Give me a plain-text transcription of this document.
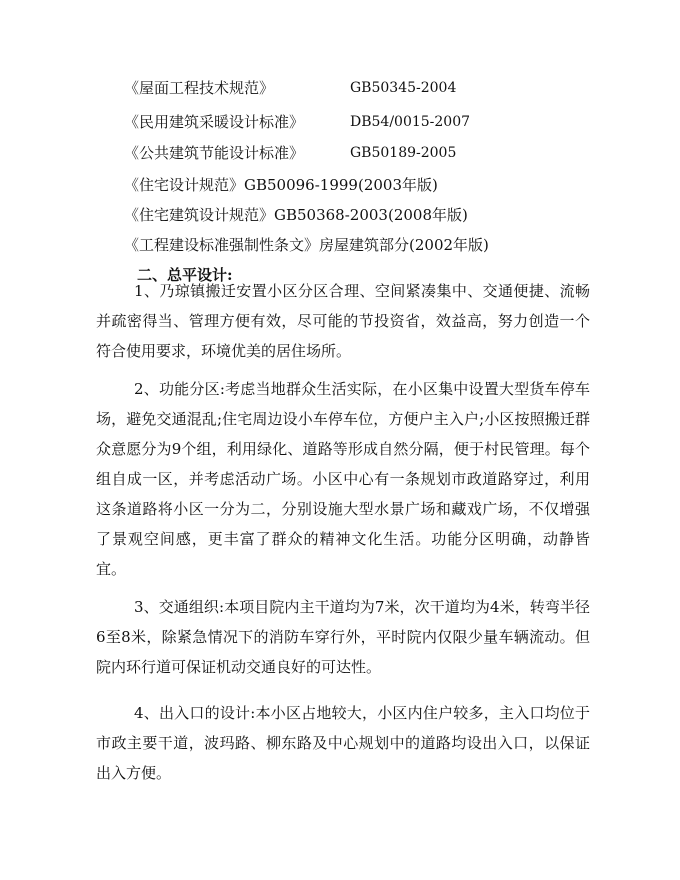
《屋面工程技术规范》	GB50345-2004
《民用建筑采暖设计标准》	DB54/0015-2007
《公共建筑节能设计标准》	GB50189-2005
《住宅设计规范》GB50096-1999(2003年版)
《住宅建筑设计规范》GB50368-2003(2008年版)
《工程建设标准强制性条文》房屋建筑部分(2002年版)
二、总平设计:

1、乃琼镇搬迁安置小区分区合理、空间紧凑集中、交通便捷、流畅并疏密得当、管理方便有效，尽可能的节投资省，效益高，努力创造一个符合使用要求，环境优美的居住场所。

2、功能分区:考虑当地群众生活实际，在小区集中设置大型货车停车场，避免交通混乱;住宅周边设小车停车位，方便户主入户;小区按照搬迁群众意愿分为9个组，利用绿化、道路等形成自然分隔，便于村民管理。每个组自成一区，并考虑活动广场。小区中心有一条规划市政道路穿过，利用这条道路将小区一分为二，分别设施大型水景广场和藏戏广场，不仅增强了景观空间感，更丰富了群众的精神文化生活。功能分区明确，动静皆宜。

3、交通组织:本项目院内主干道均为7米，次干道均为4米，转弯半径6至8米，除紧急情况下的消防车穿行外，平时院内仅限少量车辆流动。但院内环行道可保证机动交通良好的可达性。

4、出入口的设计:本小区占地较大，小区内住户较多，主入口均位于市政主要干道，波玛路、柳东路及中心规划中的道路均设出入口，以保证出入方便。
